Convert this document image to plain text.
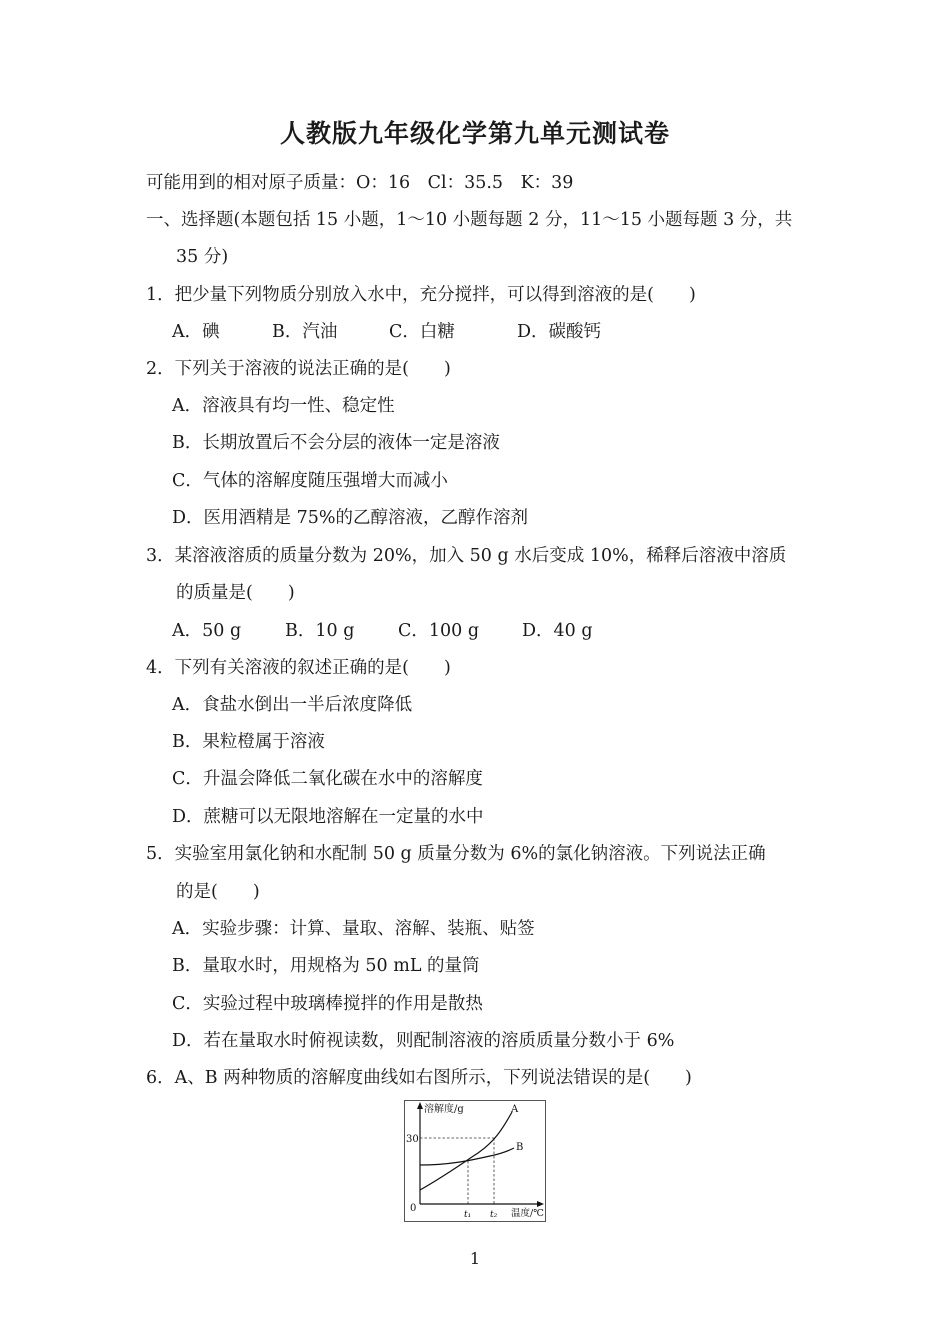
人教版九年级化学第九单元测试卷
可能用到的相对原子质量：O：16　Cl：35.5　K：39
一、选择题(本题包括 15 小题，1～10 小题每题 2 分，11～15 小题每题 3 分，共
35 分)
1．把少量下列物质分别放入水中，充分搅拌，可以得到溶液的是(　　)
A．碘	B．汽油	C．白糖	D．碳酸钙
2．下列关于溶液的说法正确的是(　　)
A．溶液具有均一性、稳定性
B．长期放置后不会分层的液体一定是溶液
C．气体的溶解度随压强增大而减小
D．医用酒精是 75%的乙醇溶液，乙醇作溶剂
3．某溶液溶质的质量分数为 20%，加入 50 g 水后变成 10%，稀释后溶液中溶质
的质量是(　　)
A．50 g	B．10 g C．100 g D．40 g
4．下列有关溶液的叙述正确的是(　　)
A．食盐水倒出一半后浓度降低
B．果粒橙属于溶液
C．升温会降低二氧化碳在水中的溶解度
D．蔗糖可以无限地溶解在一定量的水中
5．实验室用氯化钠和水配制 50 g 质量分数为 6%的氯化钠溶液。下列说法正确
的是(　　)
A．实验步骤：计算、量取、溶解、装瓶、贴签
B．量取水时，用规格为 50 mL 的量筒
C．实验过程中玻璃棒搅拌的作用是散热
D．若在量取水时俯视读数，则配制溶液的溶质质量分数小于 6%
6．A、B 两种物质的溶解度曲线如右图所示，下列说法错误的是(　　)
溶解度/g
温度/℃
30
0
t₁ t₂
A
B
1
